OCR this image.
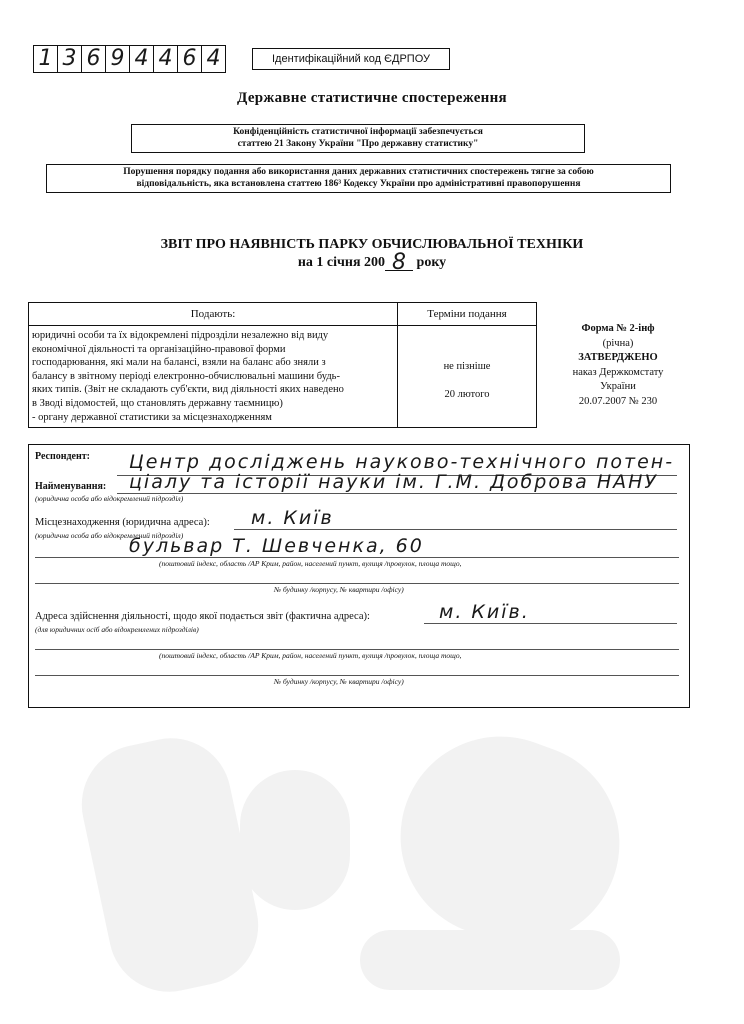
1 3 6 9 4 4 6 4	Ідентифікаційний код ЄДРПОУ
Державне статистичне спостереження
Конфіденційність статистичної інформації забезпечується
статтею 21 Закону України "Про державну статистику"
Порушення порядку подання або використання даних державних статистичних спостережень тягне за собою
відповідальність, яка встановлена статтею 186³ Кодексу України про адміністративні правопорушення
ЗВІТ ПРО НАЯВНІСТЬ ПАРКУ ОБЧИСЛЮВАЛЬНОЇ ТЕХНІКИ
на 1 січня 200 8 року
Подають:	Терміни подання
юридичні особи та їх відокремлені підрозділи незалежно від виду
економічної діяльності та організаційно-правової форми
господарювання, які мали на балансі, взяли на баланс або зняли з
балансу в звітному періоді електронно-обчислювальні машини будь-
яких типів. (Звіт не складають суб'єкти, вид діяльності яких наведено
в Зводі відомостей, що становлять державну таємницю)
- органу державної статистики за місцезнаходженням
не пізніше
20 лютого
Форма № 2-інф
(річна)
ЗАТВЕРДЖЕНО
наказ Держкомстату
України
20.07.2007 № 230
Респондент: Центр досліджень науково-технічного потен-
Найменування: ціалу та історії науки ім. Г.М. Доброва НАНУ
(юридична особа або відокремлений підрозділ)
Місцезнаходження (юридична адреса): м. Київ
(юридична особа або відокремлений підрозділ)
бульвар Т. Шевченка, 60
(поштовий індекс, область /АР Крим, район, населений пункт, вулиця /провулок, площа тощо,
№ будинку /корпусу, № квартири /офісу)
Адреса здійснення діяльності, щодо якої подається звіт (фактична адреса):	м. Київ.
(для юридичних осіб або відокремлених підрозділів)
(поштовий індекс, область /АР Крим, район, населений пункт, вулиця /провулок, площа тощо,
№ будинку /корпусу, № квартири /офісу)
